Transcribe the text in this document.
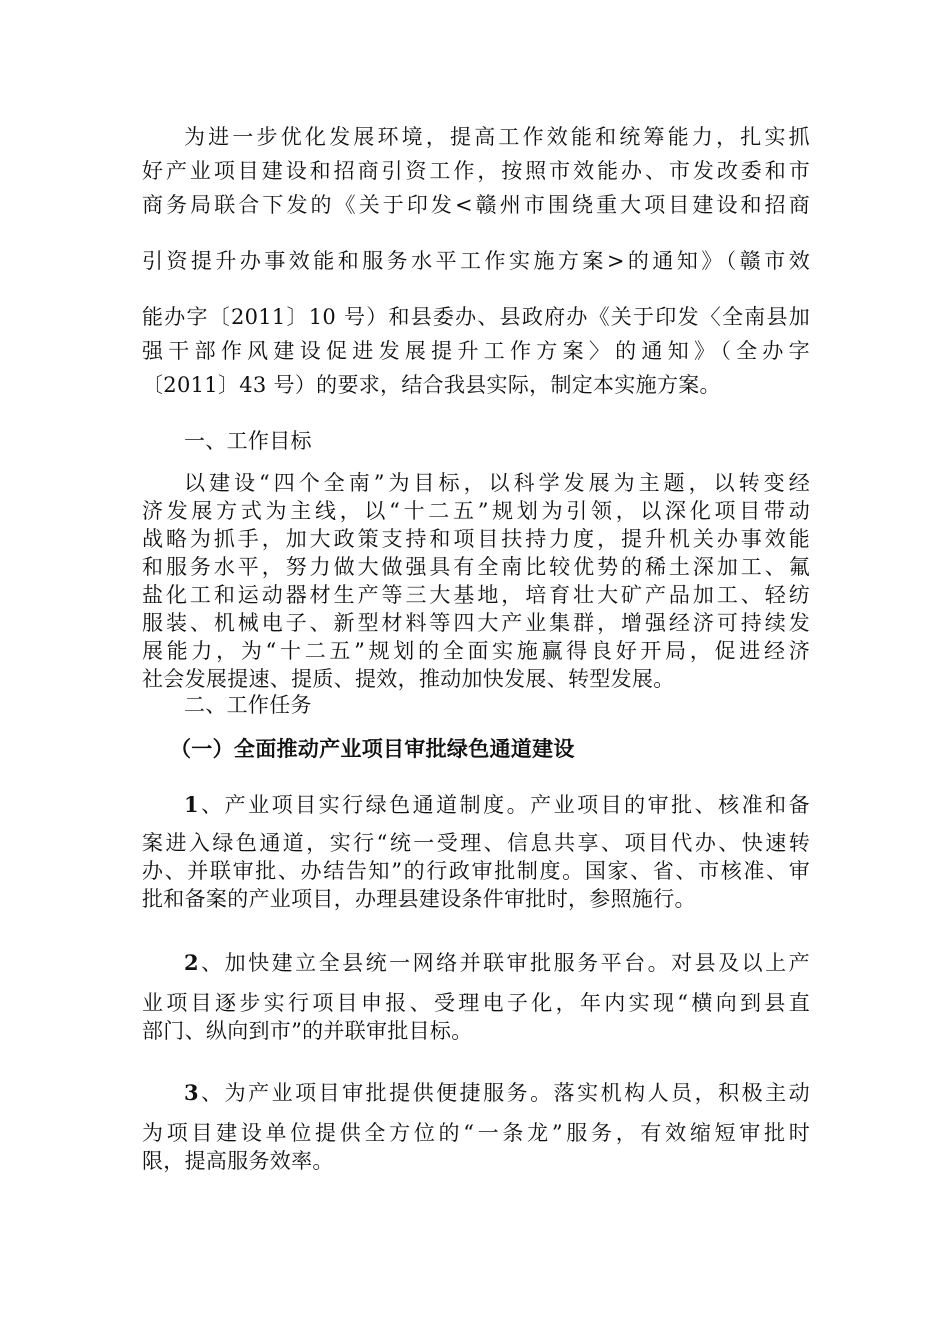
为进一步优化发展环境，提高工作效能和统筹能力，扎实抓
好产业项目建设和招商引资工作，按照市效能办、市发改委和市
商务局联合下发的《关于印发<赣州市围绕重大项目建设和招商
引资提升办事效能和服务水平工作实施方案>的通知》（赣市效
能办字〔2011〕10 号）和县委办、县政府办《关于印发〈全南县加
强干部作风建设促进发展提升工作方案〉的通知》（全办字
〔2011〕43 号）的要求，结合我县实际，制定本实施方案。
一、工作目标
以建设“四个全南”为目标，以科学发展为主题，以转变经
济发展方式为主线，以“十二五”规划为引领，以深化项目带动
战略为抓手，加大政策支持和项目扶持力度，提升机关办事效能
和服务水平，努力做大做强具有全南比较优势的稀土深加工、氟
盐化工和运动器材生产等三大基地，培育壮大矿产品加工、轻纺
服装、机械电子、新型材料等四大产业集群，增强经济可持续发
展能力，为“十二五”规划的全面实施赢得良好开局，促进经济
社会发展提速、提质、提效，推动加快发展、转型发展。
二、工作任务
（一）全面推动产业项目审批绿色通道建设
1、产业项目实行绿色通道制度。产业项目的审批、核准和备
案进入绿色通道，实行“统一受理、信息共享、项目代办、快速转
办、并联审批、办结告知”的行政审批制度。国家、省、市核准、审
批和备案的产业项目，办理县建设条件审批时，参照施行。
2、加快建立全县统一网络并联审批服务平台。对县及以上产
业项目逐步实行项目申报、受理电子化，年内实现“横向到县直
部门、纵向到市”的并联审批目标。
3、为产业项目审批提供便捷服务。落实机构人员，积极主动
为项目建设单位提供全方位的“一条龙”服务，有效缩短审批时
限，提高服务效率。
